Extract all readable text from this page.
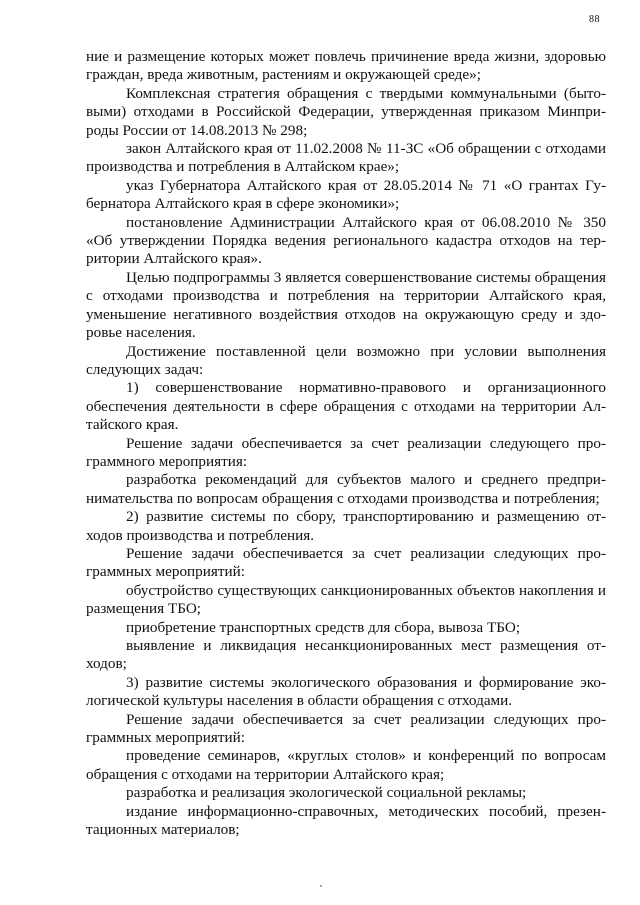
88

ние и размещение которых может повлечь причинение вреда жизни, здоровью граждан, вреда животным, растениям и окружающей среде»;

Комплексная стратегия обращения с твердыми коммунальными (бытовыми) отходами в Российской Федерации, утвержденная приказом Минприроды России от 14.08.2013 № 298;

закон Алтайского края от 11.02.2008 № 11-ЗС «Об обращении с отходами производства и потребления в Алтайском крае»;

указ Губернатора Алтайского края от 28.05.2014 № 71 «О грантах Губернатора Алтайского края в сфере экономики»;

постановление Администрации Алтайского края от 06.08.2010 № 350 «Об утверждении Порядка ведения регионального кадастра отходов на территории Алтайского края».

Целью подпрограммы 3 является совершенствование системы обращения с отходами производства и потребления на территории Алтайского края, уменьшение негативного воздействия отходов на окружающую среду и здоровье населения.

Достижение поставленной цели возможно при условии выполнения следующих задач:

1) совершенствование нормативно-правового и организационного обеспечения деятельности в сфере обращения с отходами на территории Алтайского края.

Решение задачи обеспечивается за счет реализации следующего программного мероприятия:

разработка рекомендаций для субъектов малого и среднего предпринимательства по вопросам обращения с отходами производства и потребления;

2) развитие системы по сбору, транспортированию и размещению отходов производства и потребления.

Решение задачи обеспечивается за счет реализации следующих программных мероприятий:

обустройство существующих санкционированных объектов накопления и размещения ТБО;

приобретение транспортных средств для сбора, вывоза ТБО;

выявление и ликвидация несанкционированных мест размещения отходов;

3) развитие системы экологического образования и формирование экологической культуры населения в области обращения с отходами.

Решение задачи обеспечивается за счет реализации следующих программных мероприятий:

проведение семинаров, «круглых столов» и конференций по вопросам обращения с отходами на территории Алтайского края;

разработка и реализация экологической социальной рекламы;

издание информационно-справочных, методических пособий, презентационных материалов;
